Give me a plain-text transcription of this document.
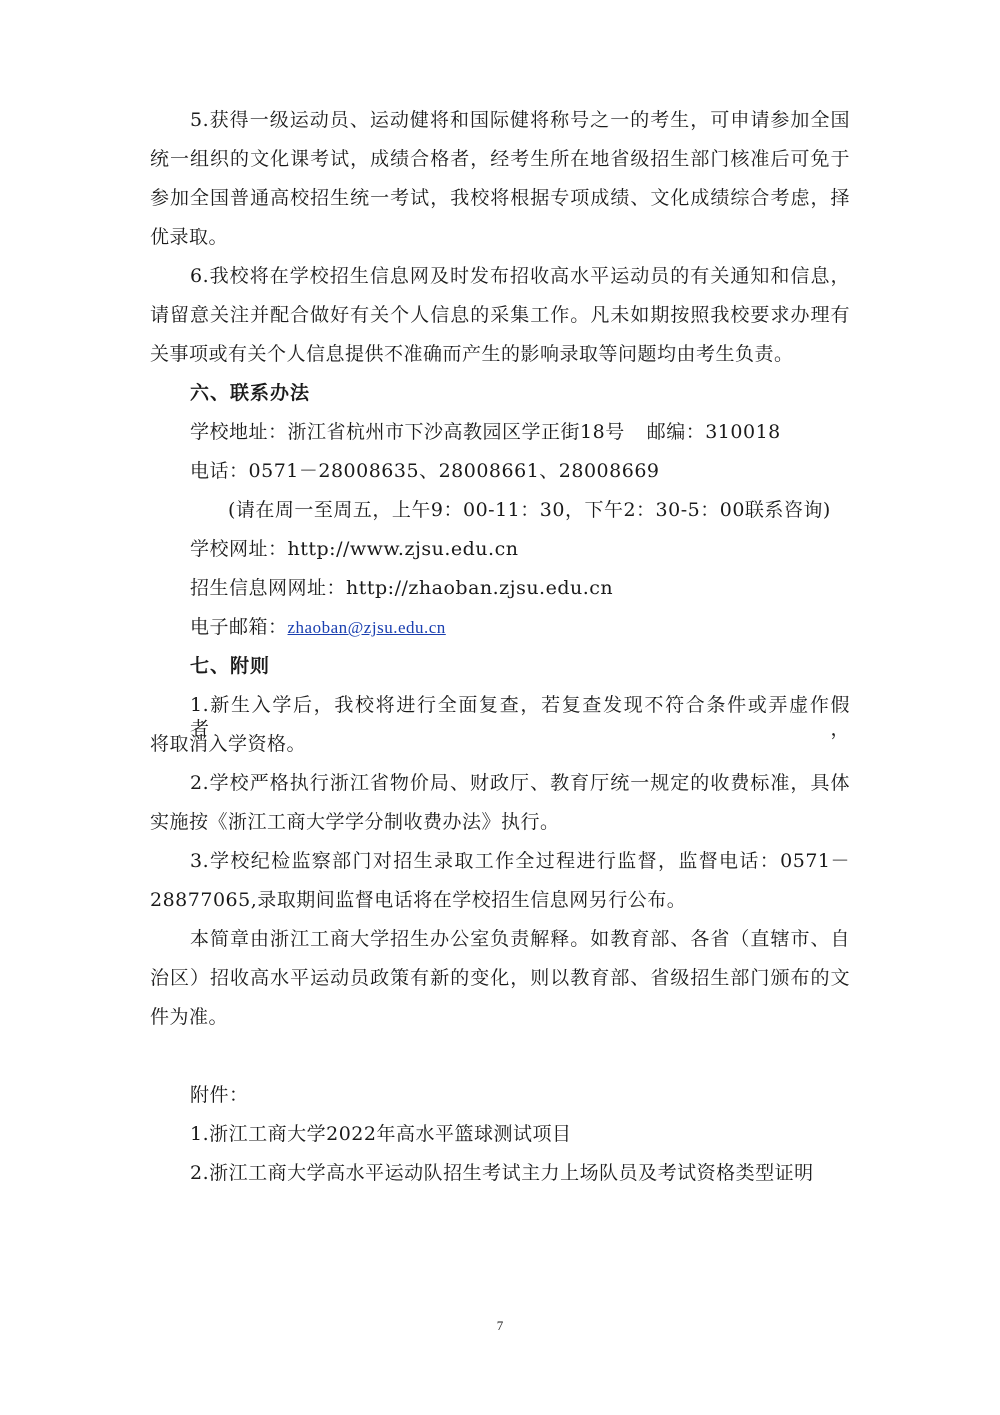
5.获得一级运动员、运动健将和国际健将称号之一的考生，可申请参加全国
统一组织的文化课考试，成绩合格者，经考生所在地省级招生部门核准后可免于
参加全国普通高校招生统一考试，我校将根据专项成绩、文化成绩综合考虑，择
优录取。
6.我校将在学校招生信息网及时发布招收高水平运动员的有关通知和信息，
请留意关注并配合做好有关个人信息的采集工作。凡未如期按照我校要求办理有
关事项或有关个人信息提供不准确而产生的影响录取等问题均由考生负责。
六、联系办法
学校地址：浙江省杭州市下沙高教园区学正街18号 邮编：310018
电话：0571－28008635、28008661、28008669
(请在周一至周五，上午9：00-11：30，下午2：30-5：00联系咨询)
学校网址：http://www.zjsu.edu.cn
招生信息网网址：http://zhaoban.zjsu.edu.cn
电子邮箱：zhaoban@zjsu.edu.cn
七、附则
1.新生入学后，我校将进行全面复查，若复查发现不符合条件或弄虚作假者，
将取消入学资格。
2.学校严格执行浙江省物价局、财政厅、教育厅统一规定的收费标准，具体
实施按《浙江工商大学学分制收费办法》执行。
3.学校纪检监察部门对招生录取工作全过程进行监督，监督电话：0571－
28877065,录取期间监督电话将在学校招生信息网另行公布。
本简章由浙江工商大学招生办公室负责解释。如教育部、各省（直辖市、自
治区）招收高水平运动员政策有新的变化，则以教育部、省级招生部门颁布的文
件为准。
附件：
1.浙江工商大学2022年高水平篮球测试项目
2.浙江工商大学高水平运动队招生考试主力上场队员及考试资格类型证明
7
